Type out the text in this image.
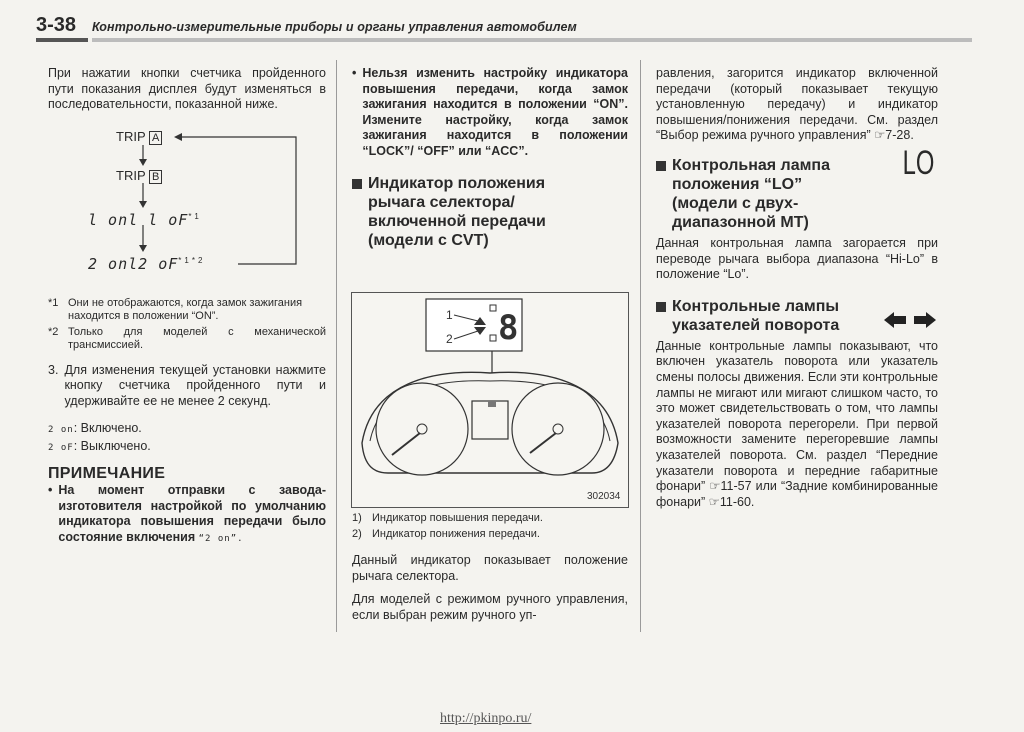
3-38 Контрольно-измерительные приборы и органы управления автомобилем

При нажатии кнопки счетчика пройденного пути показания дисплея будут изменяться в последовательности, показанной ниже.

TRIP A
TRIP B
l onl l $oF^{*1}$
2 onl2 $oF^{*1*2}$
*1 Они не отображаются, когда замок зажигания находится в положении “ON”.
*2 Только для моделей с механической трансмиссией.
3. Для изменения текущей установки нажмите кнопку счетчика пройденного пути и удерживайте ее не менее 2 секунд.
2 on: Включено.
2 oF: Выключено.
ПРИМЕЧАНИЕ
• На момент отправки с завода-изготовителя настройкой по умолчанию индикатора повышения передачи было состояние включения “2 on”.
• Нельзя изменить настройку индикатора повышения передачи, когда замок зажигания находится в положении “ON”. Измените настройку, когда замок зажигания находится в положении “LOCK”/ “OFF” или “ACC”.
Индикатор положения
рычага селектора/
включенной передачи
(модели с CVT)
1
2 8
302034
1) Индикатор повышения передачи.
2) Индикатор понижения передачи.

Данный индикатор показывает положение рычага селектора.

Для моделей с режимом ручного управления, если выбран режим ручного уп-

равления, загорится индикатор включенной передачи (который показывает текущую установленную передачу) и индикатор повышения/понижения передачи. См. раздел “Выбор режима ручного управления” ☞7-28.

Контрольная лампа
положения “LO”
(модели с двух-
диапазонной МТ)
LO

Данная контрольная лампа загорается при переводе рычага выбора диапазона “Hi-Lo” в положение “Lo”.

Контрольные лампы
указателей поворота

Данные контрольные лампы показывают, что включен указатель поворота или указатель смены полосы движения. Если эти контрольные лампы не мигают или мигают слишком часто, то это может свидетельствовать о том, что лампы указателей поворота перегорели. При первой возможности замените перегоревшие лампы указателей поворота. См. раздел “Передние указатели поворота и передние габаритные фонари” ☞11-57 или “Задние комбинированные фонари” ☞11-60.

http://pkinpo.ru/
